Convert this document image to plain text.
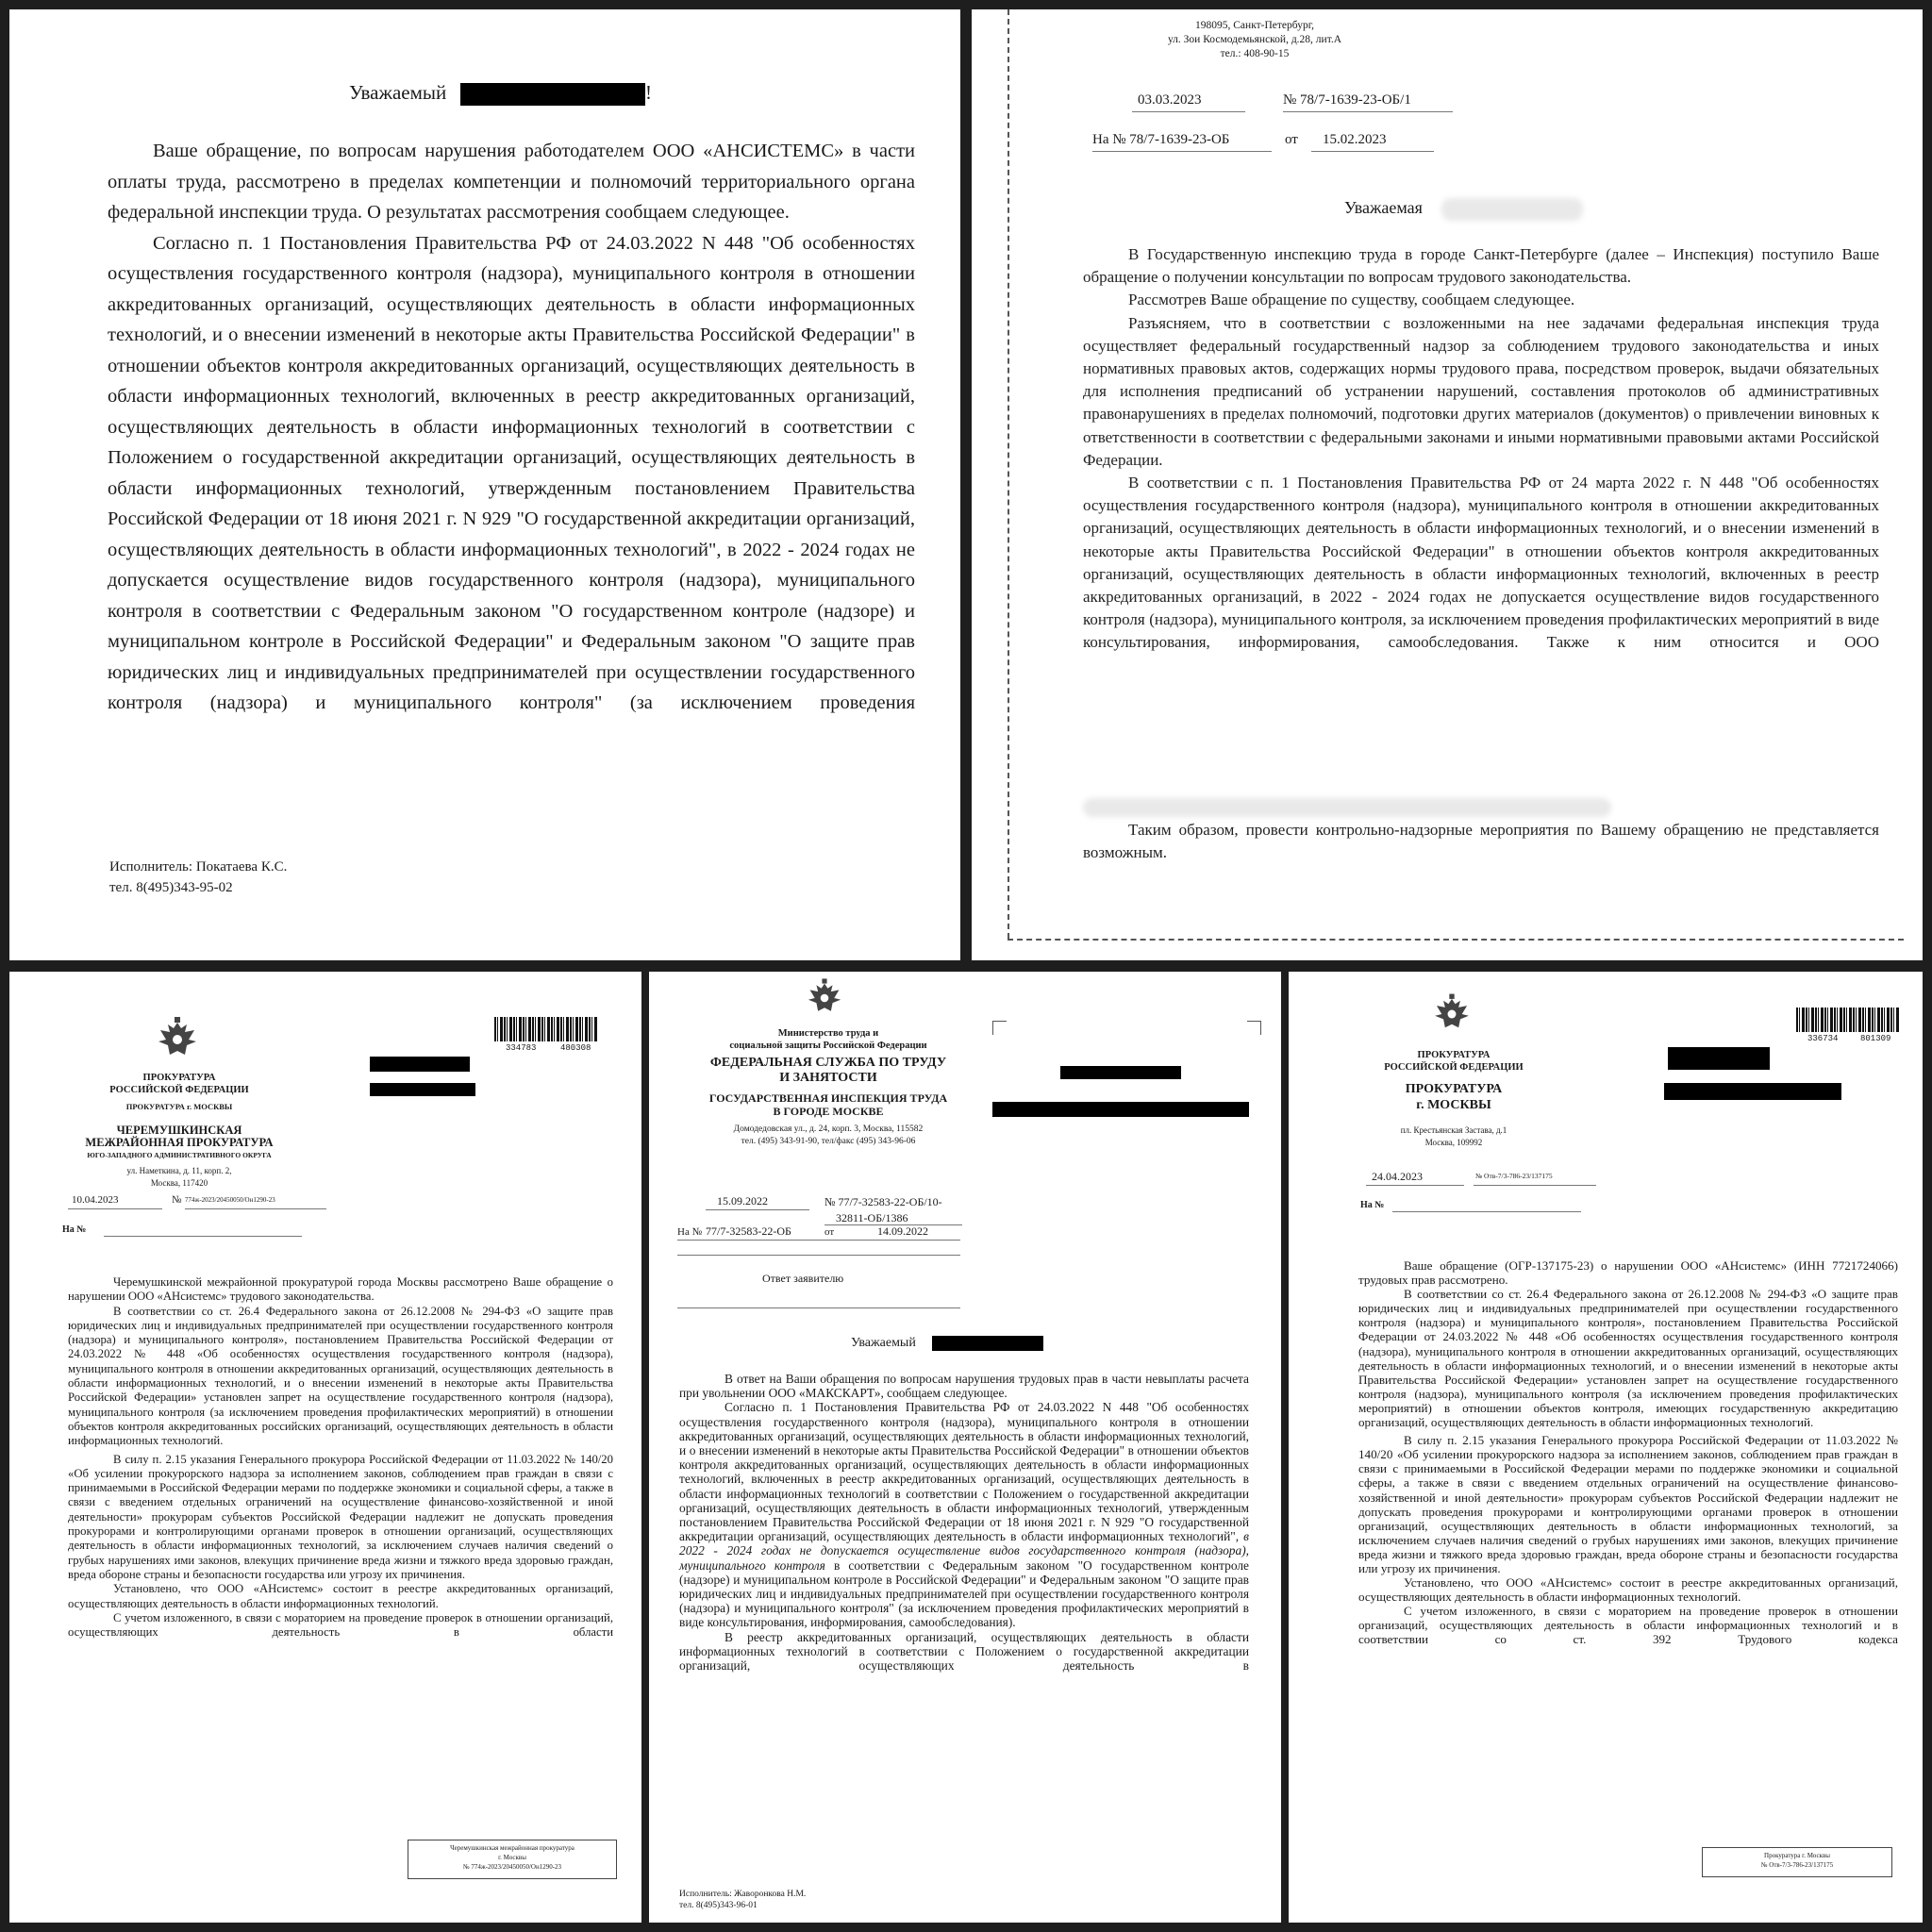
Уважаемый	!

Ваше обращение, по вопросам нарушения работодателем ООО «АНСИСТЕМС» в части оплаты труда, рассмотрено в пределах компетенции и полномочий территориального органа федеральной инспекции труда. О результатах рассмотрения сообщаем следующее.

Согласно п. 1 Постановления Правительства РФ от 24.03.2022 N 448 "Об особенностях осуществления государственного контроля (надзора), муниципального контроля в отношении аккредитованных организаций, осуществляющих деятельность в области информационных технологий, и о внесении изменений в некоторые акты Правительства Российской Федерации" в отношении объектов контроля аккредитованных организаций, осуществляющих деятельность в области информационных технологий, включенных в реестр аккредитованных организаций, осуществляющих деятельность в области информационных технологий в соответствии с Положением о государственной аккредитации организаций, осуществляющих деятельность в области информационных технологий, утвержденным постановлением Правительства Российской Федерации от 18 июня 2021 г. N 929 "О государственной аккредитации организаций, осуществляющих деятельность в области информационных технологий", в 2022 - 2024 годах не допускается осуществление видов государственного контроля (надзора), муниципального контроля в соответствии с Федеральным законом "О государственном контроле (надзоре) и муниципальном контроле в Российской Федерации" и Федеральным законом "О защите прав юридических лиц и индивидуальных предпринимателей при осуществлении государственного контроля (надзора) и муниципального контроля" (за исключением проведения

Исполнитель: Покатаева К.С.
тел. 8(495)343-95-02
198095, Санкт-Петербург,
ул. Зои Космодемьянской, д.28, лит.А
тел.: 408-90-15
03.03.2023	№ 78/7-1639-23-ОБ/1
На № 78/7-1639-23-ОБ	от 15.02.2023
Уважаемая

В Государственную инспекцию труда в городе Санкт-Петербурге (далее – Инспекция) поступило Ваше обращение о получении консультации по вопросам трудового законодательства.

Рассмотрев Ваше обращение по существу, сообщаем следующее.

Разъясняем, что в соответствии с возложенными на нее задачами федеральная инспекция труда осуществляет федеральный государственный надзор за соблюдением трудового законодательства и иных нормативных правовых актов, содержащих нормы трудового права, посредством проверок, выдачи обязательных для исполнения предписаний об устранении нарушений, составления протоколов об административных правонарушениях в пределах полномочий, подготовки других материалов (документов) о привлечении виновных к ответственности в соответствии с федеральными законами и иными нормативными правовыми актами Российской Федерации.

В соответствии с п. 1 Постановления Правительства РФ от 24 марта 2022 г. N 448 "Об особенностях осуществления государственного контроля (надзора), муниципального контроля в отношении аккредитованных организаций, осуществляющих деятельность в области информационных технологий, и о внесении изменений в некоторые акты Правительства Российской Федерации" в отношении объектов контроля аккредитованных организаций, осуществляющих деятельность в области информационных технологий, включенных в реестр аккредитованных организаций, в 2022 - 2024 годах не допускается осуществление видов государственного контроля (надзора), муниципального контроля, за исключением проведения профилактических мероприятий в виде консультирования, информирования, самообследования. Также к ним относится и ООО

Таким образом, провести контрольно-надзорные мероприятия по Вашему обращению не представляется возможным.

ПРОКУРАТУРА
РОССИЙСКОЙ ФЕДЕРАЦИИ
ПРОКУРАТУРА г. МОСКВЫ
ЧЕРЕМУШКИНСКАЯ
МЕЖРАЙОННАЯ ПРОКУРАТУРА
ЮГО-ЗАПАДНОГО АДМИНИСТРАТИВНОГО ОКРУГА
ул. Наметкина, д. 11, корп. 2,
Москва, 117420
334783	480308
10.04.2023	№ 774ж-2023/20450050/Он1290-23
На №

Черемушкинской межрайонной прокуратурой города Москвы рассмотрено Ваше обращение о нарушении ООО «АНсистемс» трудового законодательства.

В соответствии со ст. 26.4 Федерального закона от 26.12.2008 № 294-ФЗ «О защите прав юридических лиц и индивидуальных предпринимателей при осуществлении государственного контроля (надзора) и муниципального контроля», постановлением Правительства Российской Федерации от 24.03.2022 № 448 «Об особенностях осуществления государственного контроля (надзора), муниципального контроля в отношении аккредитованных организаций, осуществляющих деятельность в области информационных технологий, и о внесении изменений в некоторые акты Правительства Российской Федерации» установлен запрет на осуществление государственного контроля (надзора), муниципального контроля (за исключением проведения профилактических мероприятий) в отношении объектов контроля аккредитованных российских организаций, осуществляющих деятельность в области информационных технологий.

В силу п. 2.15 указания Генерального прокурора Российской Федерации от 11.03.2022 № 140/20 «Об усилении прокурорского надзора за исполнением законов, соблюдением прав граждан в связи с принимаемыми в Российской Федерации мерами по поддержке экономики и социальной сферы, а также в связи с введением отдельных ограничений на осуществление финансово-хозяйственной и иной деятельности» прокурорам субъектов Российской Федерации надлежит не допускать проведения прокурорами и контролирующими органами проверок в отношении организаций, осуществляющих деятельность в области информационных технологий, за исключением случаев наличия сведений о грубых нарушениях ими законов, влекущих причинение вреда жизни и тяжкого вреда здоровью граждан, вреда обороне страны и безопасности государства или угрозу их причинения.

Установлено, что ООО «АНсистемс» состоит в реестре аккредитованных организаций, осуществляющих деятельность в области информационных технологий.

С учетом изложенного, в связи с мораторием на проведение проверок в отношении организаций, осуществляющих деятельность в области

Черемушкинская межрайонная прокуратура
г. Москвы
№ 774ж-2023/20450050/Он1290-23
Министерство труда и
социальной защиты Российской Федерации
ФЕДЕРАЛЬНАЯ СЛУЖБА ПО ТРУДУ
И ЗАНЯТОСТИ
ГОСУДАРСТВЕННАЯ ИНСПЕКЦИЯ ТРУДА
В ГОРОДЕ МОСКВЕ
Домодедовская ул., д. 24, корп. 3, Москва, 115582
тел. (495) 343-91-90, тел/факс (495) 343-96-06
15.09.2022	№ 77/7-32583-22-ОБ/10-
32811-ОБ/1386
На № 77/7-32583-22-ОБ	от	14.09.2022
Ответ заявителю
Уважаемый

В ответ на Ваши обращения по вопросам нарушения трудовых прав в части невыплаты расчета при увольнении ООО «МАКСКАРТ», сообщаем следующее.

Согласно п. 1 Постановления Правительства РФ от 24.03.2022 N 448 "Об особенностях осуществления государственного контроля (надзора), муниципального контроля в отношении аккредитованных организаций, осуществляющих деятельность в области информационных технологий, и о внесении изменений в некоторые акты Правительства Российской Федерации" в отношении объектов контроля аккредитованных организаций, осуществляющих деятельность в области информационных технологий, включенных в реестр аккредитованных организаций, осуществляющих деятельность в области информационных технологий в соответствии с Положением о государственной аккредитации организаций, осуществляющих деятельность в области информационных технологий, утвержденным постановлением Правительства Российской Федерации от 18 июня 2021 г. N 929 "О государственной аккредитации организаций, осуществляющих деятельность в области информационных технологий", в 2022 - 2024 годах не допускается осуществление видов государственного контроля (надзора), муниципального контроля в соответствии с Федеральным законом "О государственном контроле (надзоре) и муниципальном контроле в Российской Федерации" и Федеральным законом "О защите прав юридических лиц и индивидуальных предпринимателей при осуществлении государственного контроля (надзора) и муниципального контроля" (за исключением проведения профилактических мероприятий в виде консультирования, информирования, самообследования).

В реестр аккредитованных организаций, осуществляющих деятельность в области информационных технологий в соответствии с Положением о государственной аккредитации организаций, осуществляющих деятельность в

Исполнитель: Жаворонкова Н.М.
тел. 8(495)343-96-01
ПРОКУРАТУРА
РОССИЙСКОЙ ФЕДЕРАЦИИ
ПРОКУРАТУРА
г. МОСКВЫ
пл. Крестьянская Застава, д.1
Москва, 109992
336734	801309
24.04.2023	№ Отв-7/3-786-23/137175
На №

Ваше обращение (ОГР-137175-23) о нарушении ООО «АНсистемс» (ИНН 7721724066) трудовых прав рассмотрено.

В соответствии со ст. 26.4 Федерального закона от 26.12.2008 № 294-ФЗ «О защите прав юридических лиц и индивидуальных предпринимателей при осуществлении государственного контроля (надзора) и муниципального контроля», постановлением Правительства Российской Федерации от 24.03.2022 № 448 «Об особенностях осуществления государственного контроля (надзора), муниципального контроля в отношении аккредитованных организаций, осуществляющих деятельность в области информационных технологий, и о внесении изменений в некоторые акты Правительства Российской Федерации» установлен запрет на осуществление государственного контроля (надзора), муниципального контроля (за исключением проведения профилактических мероприятий) в отношении объектов контроля, имеющих государственную аккредитацию организаций, осуществляющих деятельность в области информационных технологий.

В силу п. 2.15 указания Генерального прокурора Российской Федерации от 11.03.2022 № 140/20 «Об усилении прокурорского надзора за исполнением законов, соблюдением прав граждан в связи с принимаемыми в Российской Федерации мерами по поддержке экономики и социальной сферы, а также в связи с введением отдельных ограничений на осуществление финансово-хозяйственной и иной деятельности» прокурорам субъектов Российской Федерации надлежит не допускать проведения прокурорами и контролирующими органами проверок в отношении организаций, осуществляющих деятельность в области информационных технологий, за исключением случаев наличия сведений о грубых нарушениях ими законов, влекущих причинение вреда жизни и тяжкого вреда здоровью граждан, вреда обороне страны и безопасности государства или угрозу их причинения.

Установлено, что ООО «АНсистемс» состоит в реестре аккредитованных организаций, осуществляющих деятельность в области информационных технологий.

С учетом изложенного, в связи с мораторием на проведение проверок в отношении организаций, осуществляющих деятельность в области информационных технологий и в соответствии со ст. 392 Трудового кодекса

Прокуратура г. Москвы
№ Отв-7/3-786-23/137175
